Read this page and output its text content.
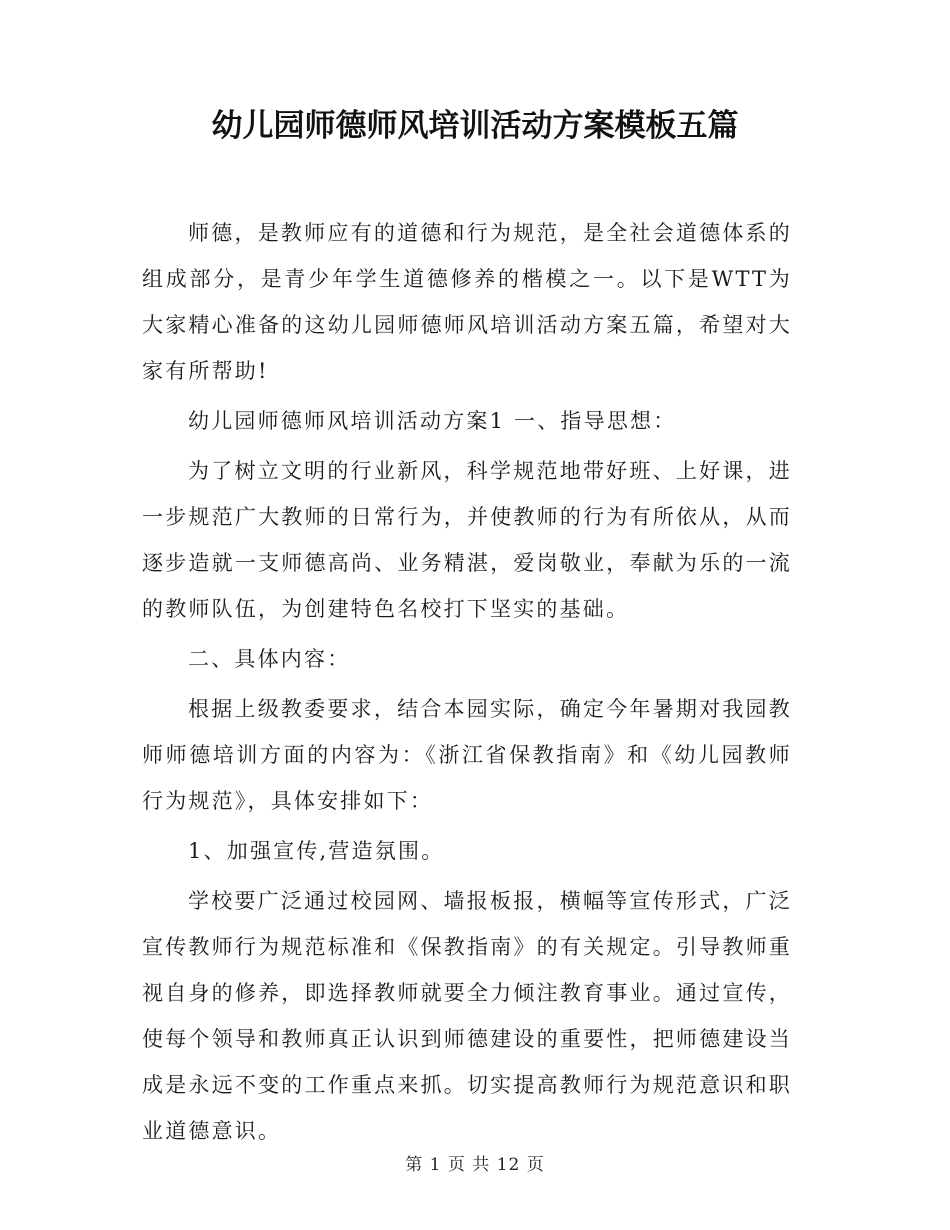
幼儿园师德师风培训活动方案模板五篇

师德，是教师应有的道德和行为规范，是全社会道德体系的组成部分，是青少年学生道德修养的楷模之一。以下是WTT为大家精心准备的这幼儿园师德师风培训活动方案五篇，希望对大家有所帮助!

幼儿园师德师风培训活动方案1 一、指导思想：

为了树立文明的行业新风，科学规范地带好班、上好课，进一步规范广大教师的日常行为，并使教师的行为有所依从，从而逐步造就一支师德高尚、业务精湛，爱岗敬业，奉献为乐的一流的教师队伍，为创建特色名校打下坚实的基础。

二、具体内容：

根据上级教委要求，结合本园实际，确定今年暑期对我园教师师德培训方面的内容为：《浙江省保教指南》和《幼儿园教师行为规范》，具体安排如下：

1、加强宣传,营造氛围。

学校要广泛通过校园网、墙报板报，横幅等宣传形式，广泛宣传教师行为规范标准和《保教指南》的有关规定。引导教师重视自身的修养，即选择教师就要全力倾注教育事业。通过宣传，使每个领导和教师真正认识到师德建设的重要性，把师德建设当成是永远不变的工作重点来抓。切实提高教师行为规范意识和职业道德意识。

第 1 页 共 12 页
